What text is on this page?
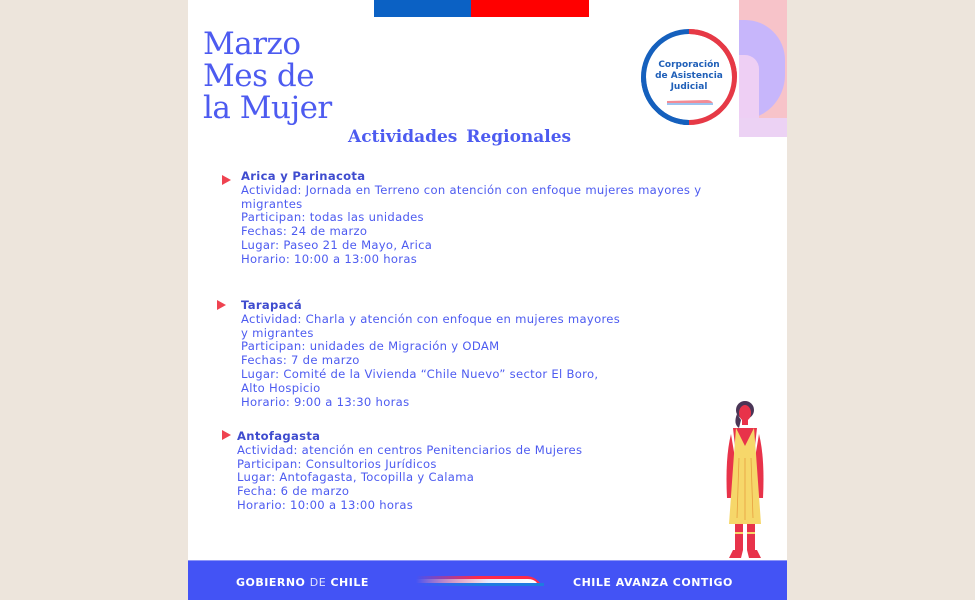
Marzo
Mes de
la Mujer
Actividades Regionales
Corporación
de Asistencia
Judicial
Arica y Parinacota
Actividad: Jornada en Terreno con atención con enfoque mujeres mayores y
migrantes
Participan: todas las unidades
Fechas: 24 de marzo
Lugar: Paseo 21 de Mayo, Arica
Horario: 10:00 a 13:00 horas
Tarapacá
Actividad: Charla y atención con enfoque en mujeres mayores
y migrantes
Participan: unidades de Migración y ODAM
Fechas: 7 de marzo
Lugar: Comité de la Vivienda “Chile Nuevo” sector El Boro,
Alto Hospicio
Horario: 9:00 a 13:30 horas
Antofagasta
Actividad: atención en centros Penitenciarios de Mujeres
Participan: Consultorios Jurídicos
Lugar: Antofagasta, Tocopilla y Calama
Fecha: 6 de marzo
Horario: 10:00 a 13:00 horas
GOBIERNO DE CHILE	CHILE AVANZA CONTIGO
